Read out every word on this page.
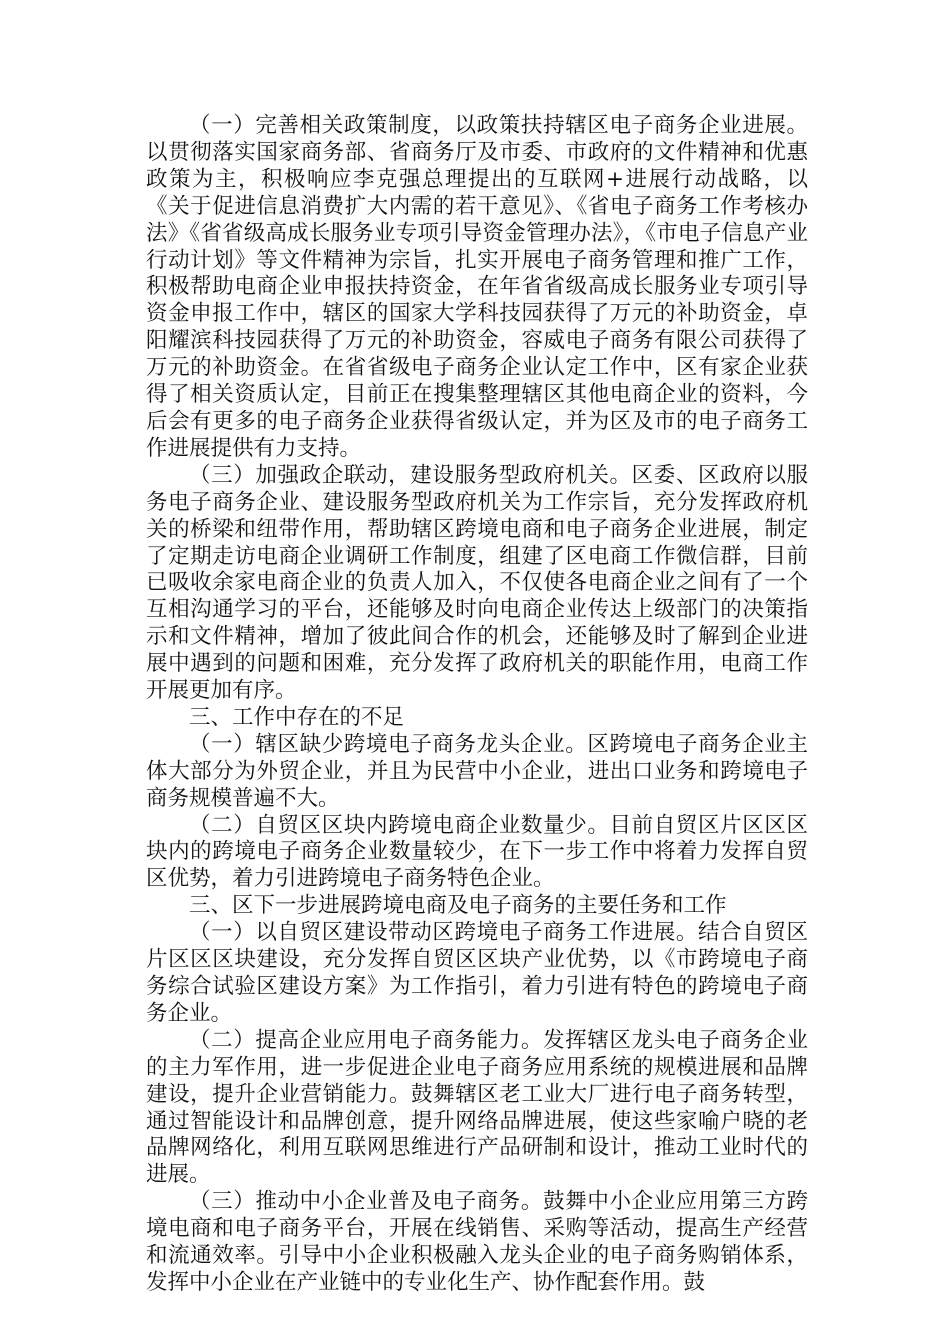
（一）完善相关政策制度，以政策扶持辖区电子商务企业进展。以贯彻落实国家商务部、省商务厅及市委、市政府的文件精神和优惠政策为主，积极响应李克强总理提出的互联网+进展行动战略，以《关于促进信息消费扩大内需的若干意见》、《省电子商务工作考核办法》《省省级高成长服务业专项引导资金管理办法》，《市电子信息产业行动计划》等文件精神为宗旨，扎实开展电子商务管理和推广工作，积极帮助电商企业申报扶持资金，在年省省级高成长服务业专项引导资金申报工作中，辖区的国家大学科技园获得了万元的补助资金，卓阳耀滨科技园获得了万元的补助资金，容威电子商务有限公司获得了万元的补助资金。在省省级电子商务企业认定工作中，区有家企业获得了相关资质认定，目前正在搜集整理辖区其他电商企业的资料，今后会有更多的电子商务企业获得省级认定，并为区及市的电子商务工作进展提供有力支持。

（三）加强政企联动，建设服务型政府机关。区委、区政府以服务电子商务企业、建设服务型政府机关为工作宗旨，充分发挥政府机关的桥梁和纽带作用，帮助辖区跨境电商和电子商务企业进展，制定了定期走访电商企业调研工作制度，组建了区电商工作微信群，目前已吸收余家电商企业的负责人加入，不仅使各电商企业之间有了一个互相沟通学习的平台，还能够及时向电商企业传达上级部门的决策指示和文件精神，增加了彼此间合作的机会，还能够及时了解到企业进展中遇到的问题和困难，充分发挥了政府机关的职能作用，电商工作开展更加有序。

三、工作中存在的不足

（一）辖区缺少跨境电子商务龙头企业。区跨境电子商务企业主体大部分为外贸企业，并且为民营中小企业，进出口业务和跨境电子商务规模普遍不大。

（二）自贸区区块内跨境电商企业数量少。目前自贸区片区区区块内的跨境电子商务企业数量较少，在下一步工作中将着力发挥自贸区优势，着力引进跨境电子商务特色企业。

三、区下一步进展跨境电商及电子商务的主要任务和工作

（一）以自贸区建设带动区跨境电子商务工作进展。结合自贸区片区区区块建设，充分发挥自贸区区块产业优势，以《市跨境电子商务综合试验区建设方案》为工作指引，着力引进有特色的跨境电子商务企业。

（二）提高企业应用电子商务能力。发挥辖区龙头电子商务企业的主力军作用，进一步促进企业电子商务应用系统的规模进展和品牌建设，提升企业营销能力。鼓舞辖区老工业大厂进行电子商务转型，通过智能设计和品牌创意，提升网络品牌进展，使这些家喻户晓的老品牌网络化，利用互联网思维进行产品研制和设计，推动工业时代的进展。

（三）推动中小企业普及电子商务。鼓舞中小企业应用第三方跨境电商和电子商务平台，开展在线销售、采购等活动，提高生产经营和流通效率。引导中小企业积极融入龙头企业的电子商务购销体系，发挥中小企业在产业链中的专业化生产、协作配套作用。鼓
